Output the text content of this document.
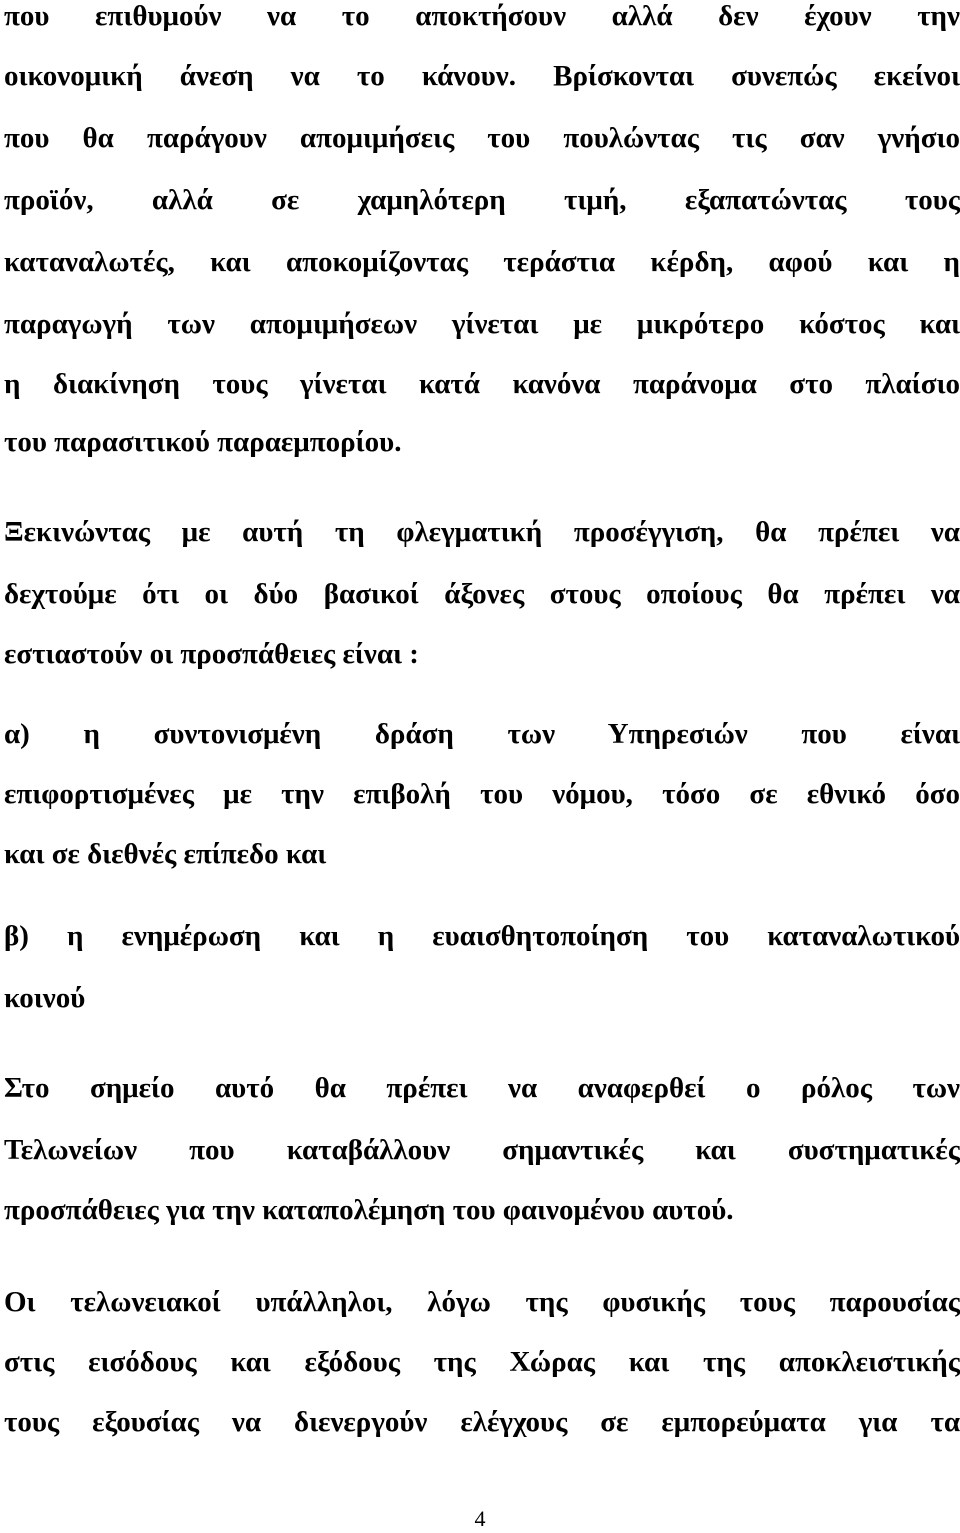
που επιθυμούν να το αποκτήσουν αλλά δεν έχουν την
οικονομική άνεση να το κάνουν. Βρίσκονται συνεπώς εκείνοι
που θα παράγουν απομιμήσεις του πουλώντας τις σαν γνήσιο
προϊόν, αλλά σε χαμηλότερη τιμή, εξαπατώντας τους
καταναλωτές, και αποκομίζοντας τεράστια κέρδη, αφού και η
παραγωγή των απομιμήσεων γίνεται με μικρότερο κόστος και
η διακίνηση τους γίνεται κατά κανόνα παράνομα στο πλαίσιο
του παρασιτικού παραεμπορίου.
Ξεκινώντας με αυτή τη φλεγματική προσέγγιση, θα πρέπει να
δεχτούμε ότι οι δύο βασικοί άξονες στους οποίους θα πρέπει να
εστιαστούν οι προσπάθειες είναι :
α) η συντονισμένη δράση των Υπηρεσιών που είναι
επιφορτισμένες με την επιβολή του νόμου, τόσο σε εθνικό όσο
και σε διεθνές επίπεδο και
β) η ενημέρωση και η ευαισθητοποίηση του καταναλωτικού
κοινού
Στο σημείο αυτό θα πρέπει να αναφερθεί ο ρόλος των
Τελωνείων που καταβάλλουν σημαντικές και συστηματικές
προσπάθειες για την καταπολέμηση του φαινομένου αυτού.
Οι τελωνειακοί υπάλληλοι, λόγω της φυσικής τους παρουσίας
στις εισόδους και εξόδους της Χώρας και της αποκλειστικής
τους εξουσίας να διενεργούν ελέγχους σε εμπορεύματα για τα
4
